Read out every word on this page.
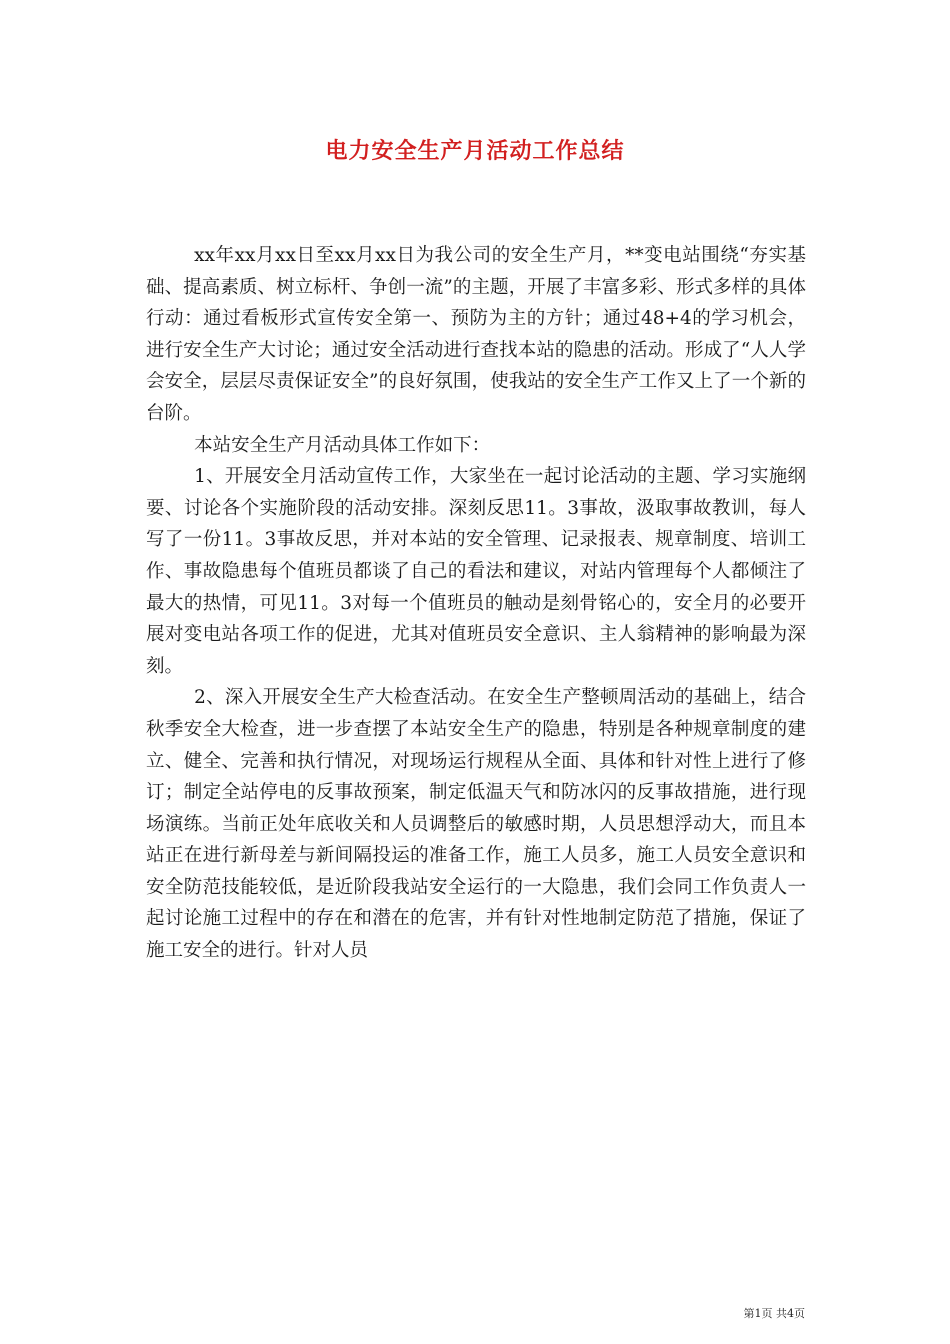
电力安全生产月活动工作总结

xx年xx月xx日至xx月xx日为我公司的安全生产月，**变电站围绕“夯实基础、提高素质、树立标杆、争创一流”的主题，开展了丰富多彩、形式多样的具体行动：通过看板形式宣传安全第一、预防为主的方针；通过48+4的学习机会，进行安全生产大讨论；通过安全活动进行查找本站的隐患的活动。形成了“人人学会安全，层层尽责保证安全”的良好氛围，使我站的安全生产工作又上了一个新的台阶。

本站安全生产月活动具体工作如下：

1、开展安全月活动宣传工作，大家坐在一起讨论活动的主题、学习实施纲要、讨论各个实施阶段的活动安排。深刻反思11。3事故，汲取事故教训，每人写了一份11。3事故反思，并对本站的安全管理、记录报表、规章制度、培训工作、事故隐患每个值班员都谈了自己的看法和建议，对站内管理每个人都倾注了最大的热情，可见11。3对每一个值班员的触动是刻骨铭心的，安全月的必要开展对变电站各项工作的促进，尤其对值班员安全意识、主人翁精神的影响最为深刻。

2、深入开展安全生产大检查活动。在安全生产整顿周活动的基础上，结合秋季安全大检查，进一步查摆了本站安全生产的隐患，特别是各种规章制度的建立、健全、完善和执行情况，对现场运行规程从全面、具体和针对性上进行了修订；制定全站停电的反事故预案，制定低温天气和防冰闪的反事故措施，进行现场演练。当前正处年底收关和人员调整后的敏感时期，人员思想浮动大，而且本站正在进行新母差与新间隔投运的准备工作，施工人员多，施工人员安全意识和安全防范技能较低，是近阶段我站安全运行的一大隐患，我们会同工作负责人一起讨论施工过程中的存在和潜在的危害，并有针对性地制定防范了措施，保证了施工安全的进行。针对人员

第1页 共4页
